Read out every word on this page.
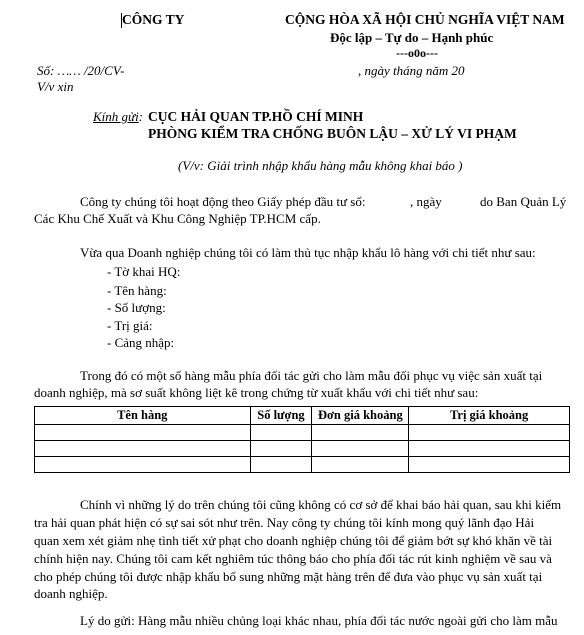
CÔNG TY	CỘNG HÒA XÃ HỘI CHỦ NGHĨA VIỆT NAM
Độc lập – Tự do – Hạnh phúc
---o0o---
Số: …… /20/CV-	, ngày tháng năm 20
V/v xin
Kính gửi: CỤC HẢI QUAN TP.HỒ CHÍ MINH
PHÒNG KIỂM TRA CHỐNG BUÔN LẬU – XỬ LÝ VI PHẠM
(V/v: Giải trình nhập khẩu hàng mẫu không khai báo )
Công ty chúng tôi hoạt động theo Giấy phép đầu tư số:	, ngày	do Ban Quản Lý
Các Khu Chế Xuất và Khu Công Nghiệp TP.HCM cấp.
Vừa qua Doanh nghiệp chúng tôi có làm thủ tục nhập khẩu lô hàng với chi tiết như sau:
- Tờ khai HQ:
- Tên hàng:
- Số lượng:
- Trị giá:
- Cảng nhập:
Trong đó có một số hàng mẫu phía đối tác gửi cho làm mẫu đối phục vụ việc sản xuất tại
doanh nghiệp, mà sơ suất không liệt kê trong chứng từ xuất khẩu với chi tiết như sau:
Tên hàng	Số lượng	Đơn giá khoảng	Trị giá khoảng

Chính vì những lý do trên chúng tôi cũng không có cơ sở để khai báo hải quan, sau khi kiểm
tra hải quan phát hiện có sự sai sót như trên. Nay công ty chúng tôi kính mong quý lãnh đạo Hải
quan xem xét giảm nhẹ tình tiết xử phạt cho doanh nghiệp chúng tôi để giảm bớt sự khó khăn về tài
chính hiện nay. Chúng tôi cam kết nghiêm túc thông báo cho phía đối tác rút kinh nghiệm về sau và
cho phép chúng tôi được nhập khẩu bổ sung những mặt hàng trên để đưa vào phục vụ sản xuất tại
doanh nghiệp.
Lý do gửi: Hàng mẫu nhiều chủng loại khác nhau, phía đối tác nước ngoài gửi cho làm mẫu
